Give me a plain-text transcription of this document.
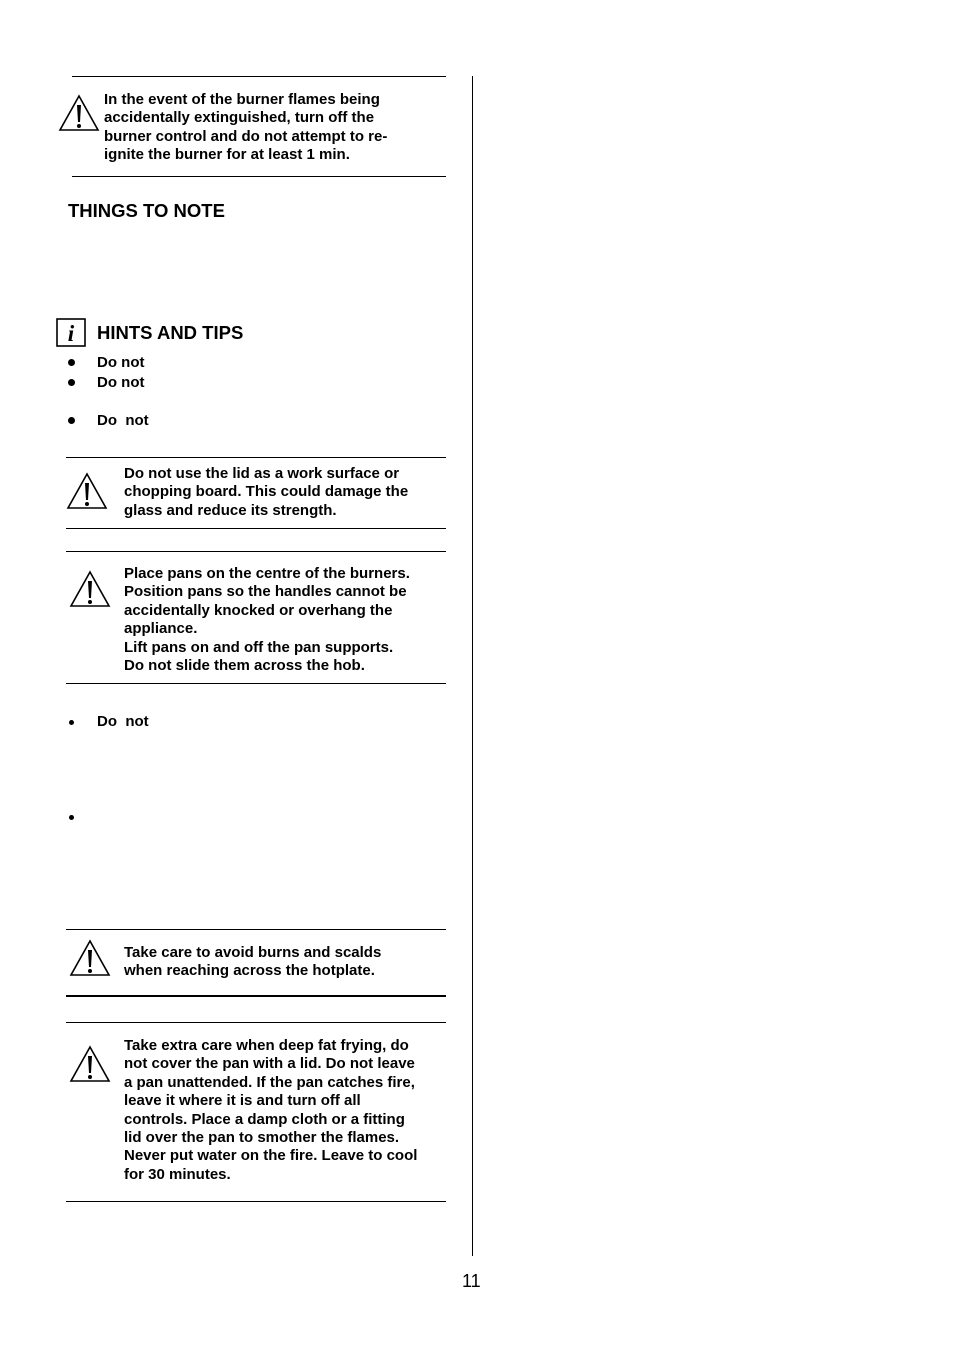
In the event of the burner flames being
accidentally extinguished, turn off the
burner control and do not attempt to re-
ignite the burner for at least 1 min.
THINGS TO NOTE
i HINTS AND TIPS
Do not
Do not
Do  not
Do not use the lid as a work surface or
chopping board. This could damage the
glass and reduce its strength.
Place pans on the centre of the burners.
Position pans so the handles cannot be
accidentally knocked or overhang the
appliance.
Lift pans on and off the pan supports.
Do not slide them across the hob.
Do  not
Take care to avoid burns and scalds
when reaching across the hotplate.
Take extra care when deep fat frying, do
not cover the pan with a lid. Do not leave
a pan unattended. If the pan catches fire,
leave it where it is and turn off all
controls. Place a damp cloth or a fitting
lid over the pan to smother the flames.
Never put water on the fire. Leave to cool
for 30 minutes.
11
